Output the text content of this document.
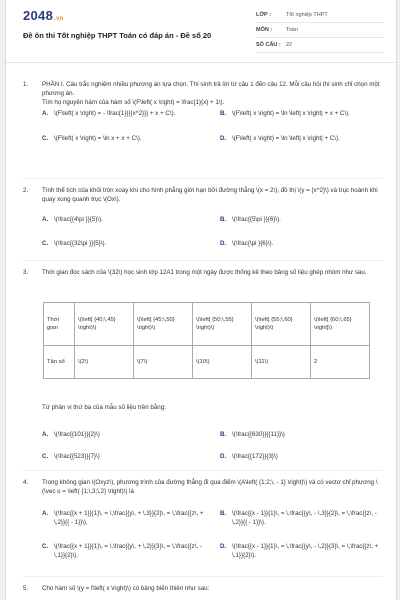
2048.vn
Đề ôn thi Tốt nghiệp THPT Toán có đáp án - Đề số 20
LỚP :	Tốt nghiệp THPT
MÔN :	Toán
SỐ CÂU : 22
1. PHẦN I. Câu trắc nghiệm nhiều phương án lựa chọn. Thí sinh trả lời từ câu 1 đến câu 12. Mỗi câu hỏi thí sinh chỉ chọn một phương án.
Tìm họ nguyên hàm của hàm số \(F\left( x \right) = \frac{1}{x} + 1\).
A. \(F\left( x \right) = - \frac{1}{{{x^2}}} + x + C\).	B. \(F\left( x \right) = \ln \left| x \right| + x + C\).
C. \(F\left( x \right) = \ln x + x + C\).	D. \(F\left( x \right) = \ln \left| x \right| + C\).
2. Tính thể tích của khối tròn xoay khi cho hình phẳng giới hạn bởi đường thẳng \(x = 2\), đồ thị \(y = {x^2}\) và trục hoành khi quay xung quanh trục \(Ox\).
A. \(\frac{{4\pi }}{5}\).	B. \(\frac{{5\pi }}{6}\).
C. \(\frac{{32\pi }}{5}\).	D. \(\frac{\pi }{6}\).
3. Thời gian đọc sách của \(32\) học sinh lớp 12A1 trong một ngày được thống kê theo bảng số liệu ghép nhóm như sau.
Thời gian	\(\left[ {40;\,45} \right)\)	\(\left[ {45;\,50} \right)\)	\(\left[ {50;\,55} \right)\)	\(\left[ {55;\,60} \right)\)	\(\left[ {60;\,65} \right]\)
Tần số	\(2\)	\(7\)	\(10\)	\(11\)	2
Tứ phân vị thứ ba của mẫu số liệu trên bằng:
A. \(\frac{{101}}{2}\)	B. \(\frac{{630}}{{11}}\)
C. \(\frac{{523}}{7}\)	D. \(\frac{{172}}{3}\)
4. Trong không gian \(Oxyz\), phương trình của đường thẳng đi qua điểm \(A\left( {1;2;\, - 1} \right)\) và có vectơ chỉ phương \(\vec u = \left( {1;\,3;\,2} \right)\) là
A. \(\frac{{x + 1}}{1}\, = \,\frac{{y\, + \,3}}{2}\, = \,\frac{{z\, + \,2}}{{ - 1}}\).
B. \(\frac{{x - 1}}{1}\, = \,\frac{{y\, - \,3}}{2}\, = \,\frac{{z\, - \,2}}{{ - 1}}\).
C. \(\frac{{x + 1}}{1}\, = \,\frac{{y\, + \,2}}{3}\, = \,\frac{{z\, - \,1}}{2}\).
D. \(\frac{{x - 1}}{1}\, = \,\frac{{y\, - \,2}}{3}\, = \,\frac{{z\, + \,1}}{2}\).
5. Cho hàm số \(y = f\left( x \right)\) có bảng biến thiên như sau:
